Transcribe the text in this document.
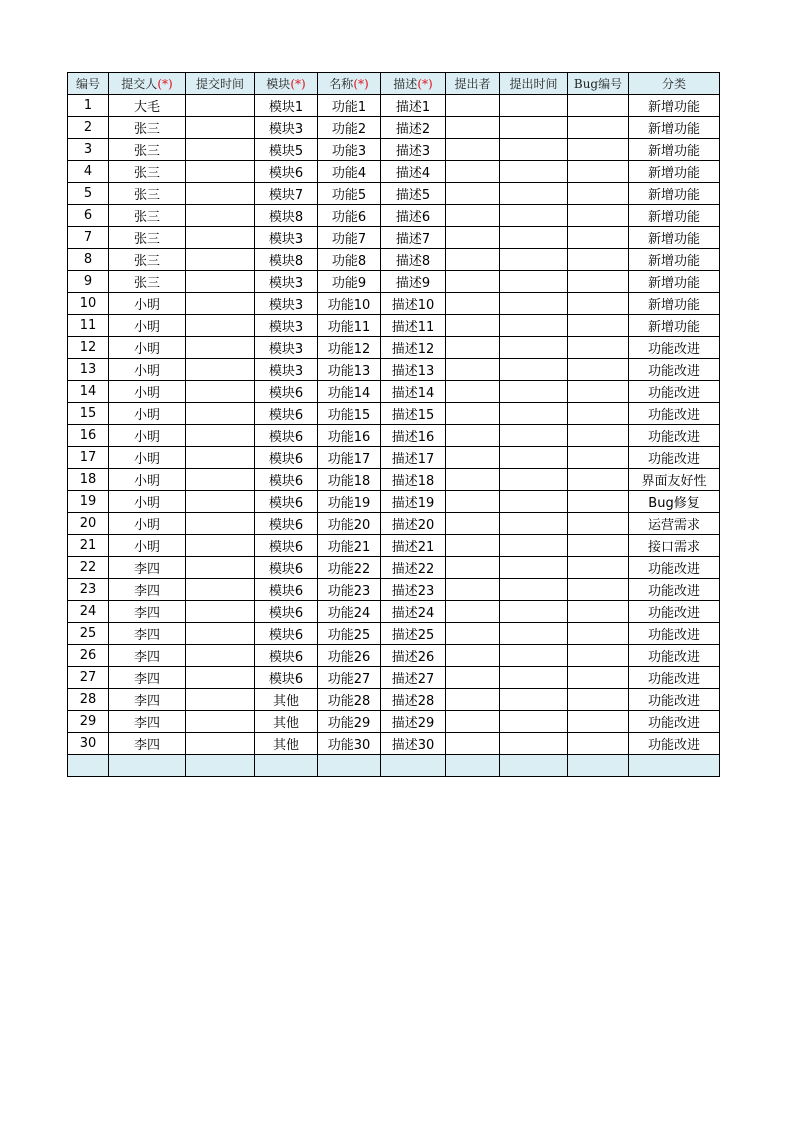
编号	提交人(*)	提交时间	模块(*)	名称(*)	描述(*)	提出者	提出时间	Bug编号	分类
1	大毛		模块1	功能1	描述1				新增功能
2	张三		模块3	功能2	描述2				新增功能
3	张三		模块5	功能3	描述3				新增功能
4	张三		模块6	功能4	描述4				新增功能
5	张三		模块7	功能5	描述5				新增功能
6	张三		模块8	功能6	描述6				新增功能
7	张三		模块3	功能7	描述7				新增功能
8	张三		模块8	功能8	描述8				新增功能
9	张三		模块3	功能9	描述9				新增功能
10	小明		模块3	功能10	描述10				新增功能
11	小明		模块3	功能11	描述11				新增功能
12	小明		模块3	功能12	描述12				功能改进
13	小明		模块3	功能13	描述13				功能改进
14	小明		模块6	功能14	描述14				功能改进
15	小明		模块6	功能15	描述15				功能改进
16	小明		模块6	功能16	描述16				功能改进
17	小明		模块6	功能17	描述17				功能改进
18	小明		模块6	功能18	描述18				界面友好性
19	小明		模块6	功能19	描述19				Bug修复
20	小明		模块6	功能20	描述20				运营需求
21	小明		模块6	功能21	描述21				接口需求
22	李四		模块6	功能22	描述22				功能改进
23	李四		模块6	功能23	描述23				功能改进
24	李四		模块6	功能24	描述24				功能改进
25	李四		模块6	功能25	描述25				功能改进
26	李四		模块6	功能26	描述26				功能改进
27	李四		模块6	功能27	描述27				功能改进
28	李四		其他	功能28	描述28				功能改进
29	李四		其他	功能29	描述29				功能改进
30	李四		其他	功能30	描述30				功能改进
